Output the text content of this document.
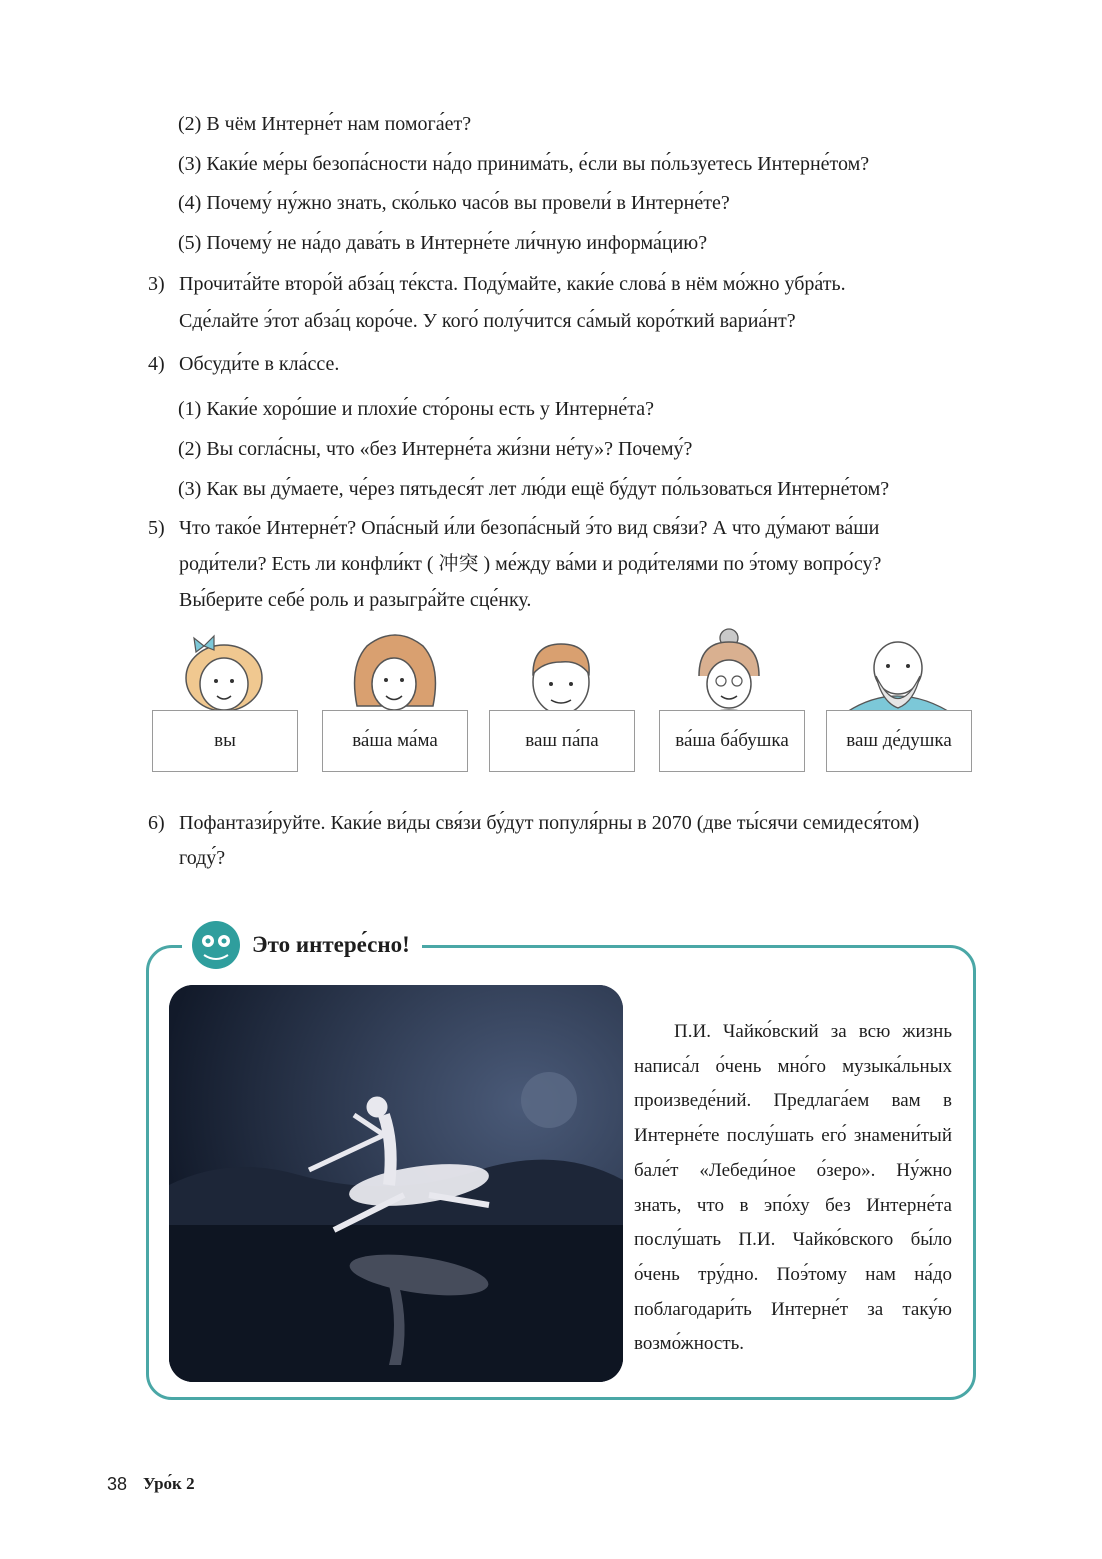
(2) В чём Интерне́т нам помога́ет?
(3) Каки́е ме́ры безопа́сности на́до принима́ть, е́сли вы по́льзуетесь Интерне́том?
(4) Почему́ ну́жно знать, ско́лько часо́в вы провели́ в Интерне́те?
(5) Почему́ не на́до дава́ть в Интерне́те ли́чную информа́цию?
3) Прочита́йте второ́й абза́ц те́кста. Поду́майте, каки́е слова́ в нём мо́жно убра́ть.
Сде́лайте э́тот абза́ц коро́че. У кого́ полу́чится са́мый коро́ткий вариа́нт?
4) Обсуди́те в кла́ссе.
(1) Каки́е хоро́шие и плохи́е сто́роны есть у Интерне́та?
(2) Вы согла́сны, что «без Интерне́та жи́зни не́ту»? Почему́?
(3) Как вы ду́маете, че́рез пятьдеся́т лет лю́ди ещё бу́дут по́льзоваться Интерне́том?
5) Что тако́е Интерне́т? Опа́сный и́ли безопа́сный э́то вид свя́зи? А что ду́мают ва́ши
роди́тели? Есть ли конфли́кт ( 冲突 ) ме́жду ва́ми и роди́телями по э́тому вопро́су?
Вы́берите себе́ роль и разыгра́йте сце́нку.
вы	ва́ша ма́ма	ваш па́па	ва́ша ба́бушка	ваш де́душка
6) Пофантази́руйте. Каки́е ви́ды свя́зи бу́дут популя́рны в 2070 (две ты́сячи семидеся́том)
году́?
Это интере́сно!
П.И. Чайко́вский за всю жизнь написа́л о́чень мно́го музыка́льных произведе́ний. Предлага́ем вам в Интерне́те послу́шать его́ знамени́тый бале́т «Лебеди́ное о́зеро». Ну́жно знать, что в эпо́ху без Интерне́та послу́шать П.И. Чайко́вского бы́ло о́чень тру́дно. Поэ́тому нам на́до поблагодари́ть Интерне́т за таку́ю возмо́жность.
38 Уро́к 2
